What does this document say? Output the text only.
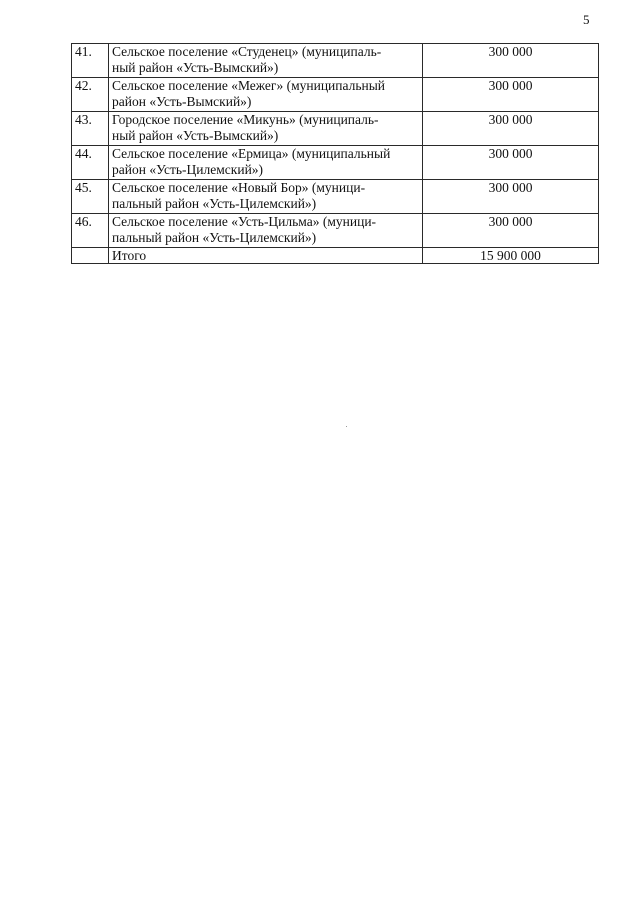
5
41.	Сельское поселение «Студенец» (муниципаль-
ный район «Усть-Вымский»)	300 000
42.	Сельское поселение «Межег» (муниципальный
район «Усть-Вымский»)	300 000
43.	Городское поселение «Микунь» (муниципаль-
ный район «Усть-Вымский»)	300 000
44.	Сельское поселение «Ермица» (муниципальный
район «Усть-Цилемский»)	300 000
45.	Сельское поселение «Новый Бор» (муници-
пальный район «Усть-Цилемский»)	300 000
46.	Сельское поселение «Усть-Цильма» (муници-
пальный район «Усть-Цилемский»)	300 000
	Итого	15 900 000
